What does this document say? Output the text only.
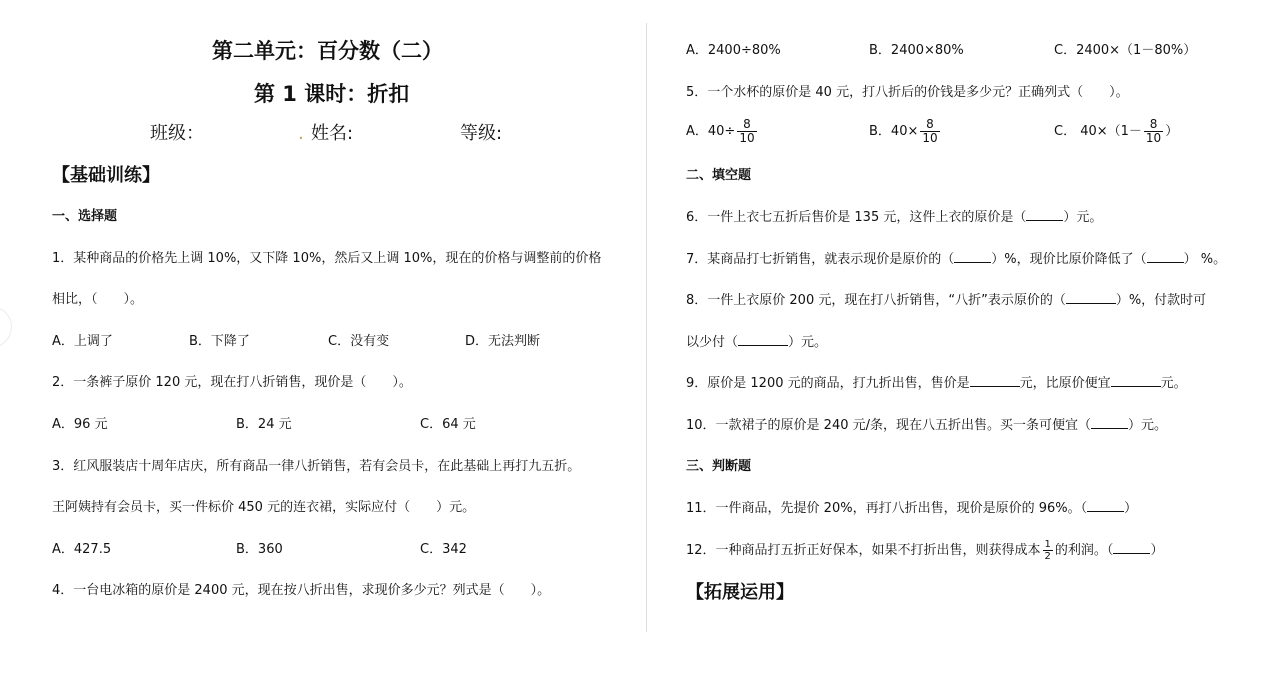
第二单元：百分数（二）
第 1 课时：折扣
班级：	. 姓名:	等级:
【基础训练】
一、选择题
1．某种商品的价格先上调 10%，又下降 10%，然后又上调 10%，现在的价格与调整前的价格
相比，（　　）。
A．上调了	B．下降了	C．没有变	D．无法判断
2．一条裤子原价 120 元，现在打八折销售，现价是（　　）。
A．96 元	B．24 元	C．64 元
3．红风服装店十周年店庆，所有商品一律八折销售，若有会员卡，在此基础上再打九五折。
王阿姨持有会员卡，买一件标价 450 元的连衣裙，实际应付（　　）元。
A．427.5	B．360	C．342
4．一台电冰箱的原价是 2400 元，现在按八折出售，求现价多少元？列式是（　　）。
A．2400÷80%	B．2400×80%	C．2400×（1－80%）
5．一个水杯的原价是 40 元，打八折后的价钱是多少元？正确列式（　　）。
A．$40\div \frac{8}{10}$	B．$40\times \frac{8}{10}$	C． $40\times(1- \frac{8}{10}$ ）
二、填空题
6．一件上衣七五折后售价是 135 元，这件上衣的原价是（	）元。
7．某商品打七折销售，就表示现价是原价的（	）%，现价比原价降低了（	） %。
8．一件上衣原价 200 元，现在打八折销售，“八折”表示原价的（	）%，付款时可
以少付（	）元。
9．原价是 1200 元的商品，打九折出售，售价是	元，比原价便宜	元。
10．一款裙子的原价是 240 元/条，现在八五折出售。买一条可便宜（	）元。
三、判断题
11．一件商品，先提价 20%，再打八折出售，现价是原价的 96%。（	）
12．一种商品打五折正好保本，如果不打折出售，则获得成本 $\frac{1}{2}$ 的利润。（	）
【拓展运用】
